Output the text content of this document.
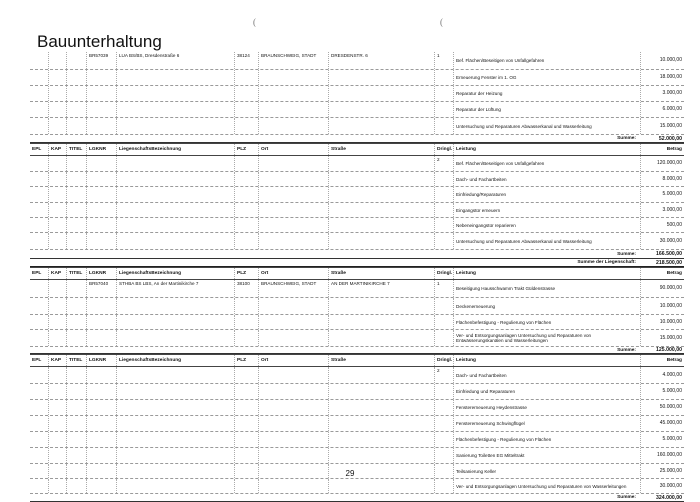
(	(
Bauunterhaltung
BR57039	LUA BS/BS, Dresdenstraße 6	38124	BRAUNSCHWEIG, STADT	DRESDENSTR. 6	1
Bef. Flächen/Beseitigen von Unfallgefahren	10.000,00
Erneuerung Fenster im 1. OG	18.000,00
Reparatur der Heizung	3.000,00
Reparatur der Lüftung	6.000,00
Untersuchung und Reparaturen Abwasserkanal und Wasserleitung	15.000,00
Summe:	52.000,00
EPL	KAP	TITEL	LGKNR	LiegenschaftsBezeichnung	PLZ	Ort	Straße	Dringl. Leistung	Betrag
2
Bef. Flächen/Beseitigen von Unfallgefahren	120.000,00
Dach- und Fachartbeiten	8.000,00
Einfriedung/Reparaturen	5.000,00
Eingangstür erneuern	3.000,00
Nebeneingangstür reparieren	500,00
Untersuchung und Reparaturen Abwasserkanal und Wasserleitung	30.000,00
Summe:	166.500,00
Summe der Liegenschaft:	218.500,00
EPL	KAP	TITEL	LGKNR	LiegenschaftsBezeichnung	PLZ	Ort	Straße	Dringl. Leistung	Betrag
BR57040	STHBA BS LBS, An der Martinikirche 7	38100	BRAUNSCHWEIG, STADT	AN DER MARTINIKIRCHE 7	1
Beseitigung Hausschwamm Trakt Güldenstrasse	90.000,00
Deckenerneuerung	10.000,00
Flächenbefestigung - Regulierung von Flächen	10.000,00
Ver- und Entsorgungsanlagen Untersuchung und Reparaturen von Entwässerungskanälen und Wasserleitungen	15.000,00
Summe:	125.000,00
EPL	KAP	TITEL	LGKNR	LiegenschaftsBezeichnung	PLZ	Ort	Straße	Dringl. Leistung	Betrag
2
Dach- und Fachartbeiten	4.000,00
Einfriedung und Reparaturen	5.000,00
Fenstererneuerung Heydenstrasse	50.000,00
Fenstererneuerung Schwingflügel	45.000,00
Flächenbefestigung - Regulierung von Flächen	5.000,00
Sanierung Toiletten EG Mitteltrakt	160.000,00
Teilsanierung Keller	25.000,00
Ver- und Entsorgungsanlagen Untersuchung und Reparaturen von Wasserleitungen	30.000,00
Summe:	324.000,00
29
